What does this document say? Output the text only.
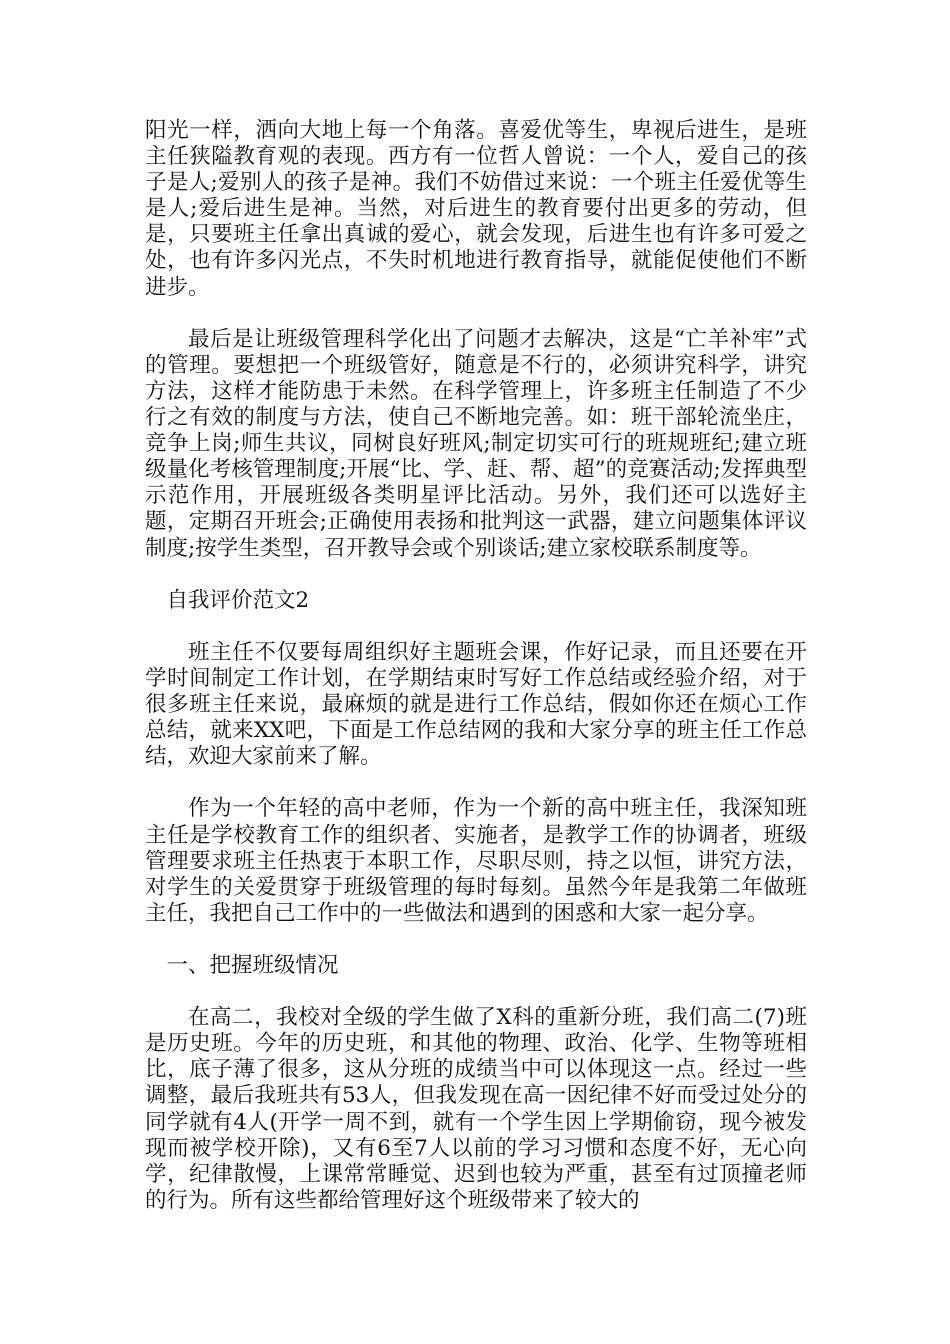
阳光一样，洒向大地上每一个角落。喜爱优等生，卑视后进生，是班主任狭隘教育观的表现。西方有一位哲人曾说：一个人，爱自己的孩子是人;爱别人的孩子是神。我们不妨借过来说：一个班主任爱优等生是人;爱后进生是神。当然，对后进生的教育要付出更多的劳动，但是，只要班主任拿出真诚的爱心，就会发现，后进生也有许多可爱之处，也有许多闪光点，不失时机地进行教育指导，就能促使他们不断进步。

最后是让班级管理科学化出了问题才去解决，这是“亡羊补牢”式的管理。要想把一个班级管好，随意是不行的，必须讲究科学，讲究方法，这样才能防患于未然。在科学管理上，许多班主任制造了不少行之有效的制度与方法，使自己不断地完善。如：班干部轮流坐庄，竞争上岗;师生共议，同树良好班风;制定切实可行的班规班纪;建立班级量化考核管理制度;开展“比、学、赶、帮、超”的竞赛活动;发挥典型示范作用，开展班级各类明星评比活动。另外，我们还可以选好主题，定期召开班会;正确使用表扬和批判这一武器，建立问题集体评议制度;按学生类型，召开教导会或个别谈话;建立家校联系制度等。

自我评价范文2

班主任不仅要每周组织好主题班会课，作好记录，而且还要在开学时间制定工作计划，在学期结束时写好工作总结或经验介绍，对于很多班主任来说，最麻烦的就是进行工作总结，假如你还在烦心工作总结，就来XX吧，下面是工作总结网的我和大家分享的班主任工作总结，欢迎大家前来了解。

作为一个年轻的高中老师，作为一个新的高中班主任，我深知班主任是学校教育工作的组织者、实施者，是教学工作的协调者，班级管理要求班主任热衷于本职工作，尽职尽则，持之以恒，讲究方法，对学生的关爱贯穿于班级管理的每时每刻。虽然今年是我第二年做班主任，我把自己工作中的一些做法和遇到的困惑和大家一起分享。

一、把握班级情况

在高二，我校对全级的学生做了X科的重新分班，我们高二(7)班是历史班。今年的历史班，和其他的物理、政治、化学、生物等班相比，底子薄了很多，这从分班的成绩当中可以体现这一点。经过一些调整，最后我班共有53人，但我发现在高一因纪律不好而受过处分的同学就有4人(开学一周不到，就有一个学生因上学期偷窃，现今被发现而被学校开除)，又有6至7人以前的学习习惯和态度不好，无心向学，纪律散慢，上课常常睡觉、迟到也较为严重，甚至有过顶撞老师的行为。所有这些都给管理好这个班级带来了较大的
